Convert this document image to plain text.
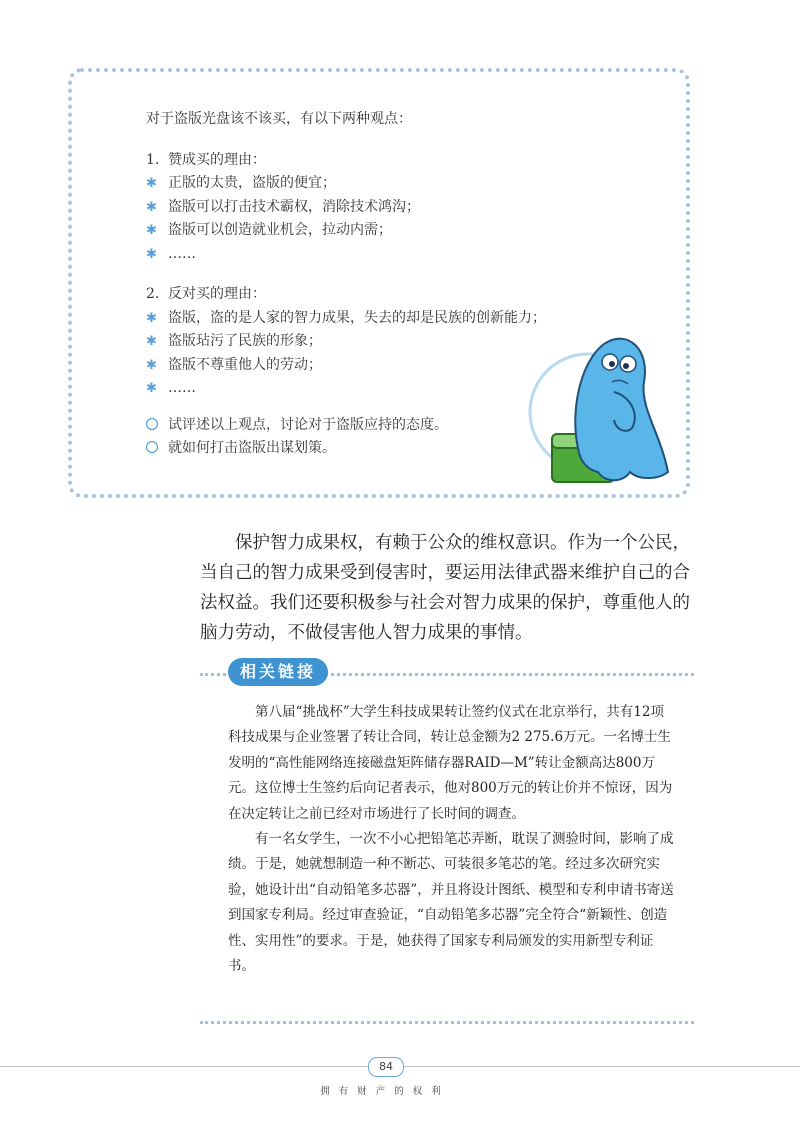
对于盗版光盘该不该买，有以下两种观点：
1. 赞成买的理由：
✱ 正版的太贵，盗版的便宜；
✱ 盗版可以打击技术霸权，消除技术鸿沟；
✱ 盗版可以创造就业机会，拉动内需；
✱ ……
2. 反对买的理由：
✱ 盗版，盗的是人家的智力成果，失去的却是民族的创新能力；
✱ 盗版玷污了民族的形象；
✱ 盗版不尊重他人的劳动；
✱ ……
试评述以上观点，讨论对于盗版应持的态度。
就如何打击盗版出谋划策。

保护智力成果权，有赖于公众的维权意识。作为一个公民，当自己的智力成果受到侵害时，要运用法律武器来维护自己的合法权益。我们还要积极参与社会对智力成果的保护，尊重他人的脑力劳动，不做侵害他人智力成果的事情。

相关链接

第八届“挑战杯”大学生科技成果转让签约仪式在北京举行，共有12项科技成果与企业签署了转让合同，转让总金额为2 275.6万元。一名博士生发明的“高性能网络连接磁盘矩阵储存器RAID—M”转让金额高达800万元。这位博士生签约后向记者表示，他对800万元的转让价并不惊讶，因为在决定转让之前已经对市场进行了长时间的调查。

有一名女学生，一次不小心把铅笔芯弄断，耽误了测验时间，影响了成绩。于是，她就想制造一种不断芯、可装很多笔芯的笔。经过多次研究实验，她设计出“自动铅笔多芯器”，并且将设计图纸、模型和专利申请书寄送到国家专利局。经过审查验证，“自动铅笔多芯器”完全符合“新颖性、创造性、实用性”的要求。于是，她获得了国家专利局颁发的实用新型专利证书。

84
拥有财产的权利
